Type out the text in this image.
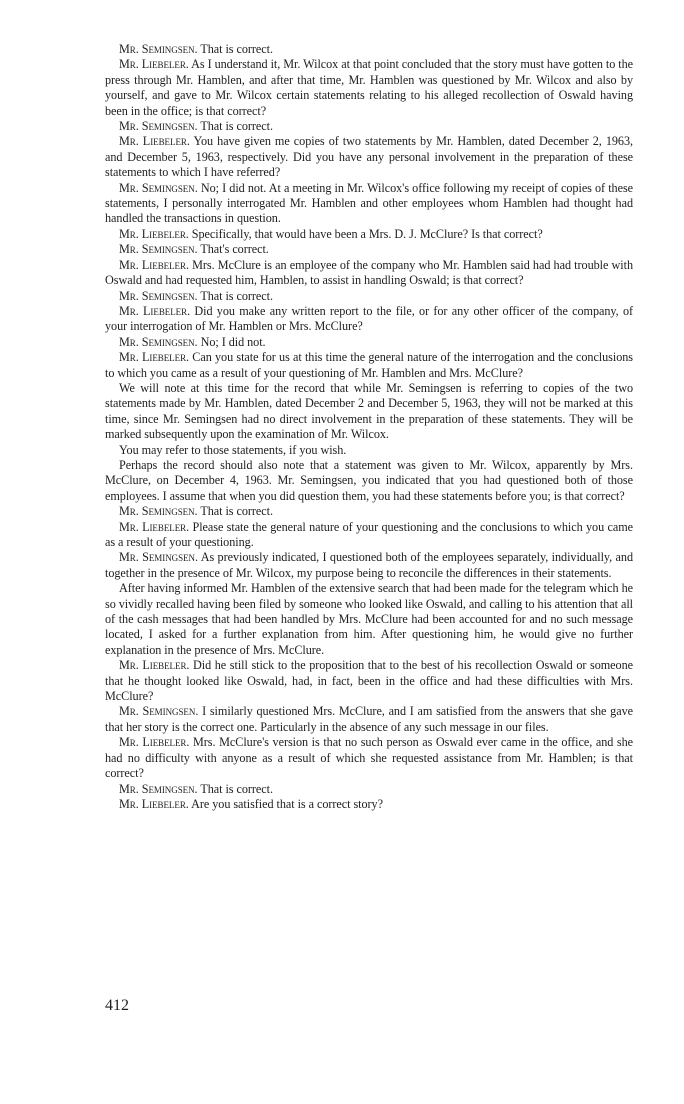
Mr. Semingsen. That is correct.

Mr. Liebeler. As I understand it, Mr. Wilcox at that point concluded that the story must have gotten to the press through Mr. Hamblen, and after that time, Mr. Hamblen was questioned by Mr. Wilcox and also by yourself, and gave to Mr. Wilcox certain statements relating to his alleged recollection of Oswald having been in the office; is that correct?

Mr. Semingsen. That is correct.

Mr. Liebeler. You have given me copies of two statements by Mr. Hamblen, dated December 2, 1963, and December 5, 1963, respectively. Did you have any personal involvement in the preparation of these statements to which I have referred?

Mr. Semingsen. No; I did not. At a meeting in Mr. Wilcox's office following my receipt of copies of these statements, I personally interrogated Mr. Hamblen and other employees whom Hamblen had thought had handled the transactions in question.

Mr. Liebeler. Specifically, that would have been a Mrs. D. J. McClure? Is that correct?

Mr. Semingsen. That's correct.

Mr. Liebeler. Mrs. McClure is an employee of the company who Mr. Hamblen said had had trouble with Oswald and had requested him, Hamblen, to assist in handling Oswald; is that correct?

Mr. Semingsen. That is correct.

Mr. Liebeler. Did you make any written report to the file, or for any other officer of the company, of your interrogation of Mr. Hamblen or Mrs. McClure?

Mr. Semingsen. No; I did not.

Mr. Liebeler. Can you state for us at this time the general nature of the interrogation and the conclusions to which you came as a result of your questioning of Mr. Hamblen and Mrs. McClure?

We will note at this time for the record that while Mr. Semingsen is referring to copies of the two statements made by Mr. Hamblen, dated December 2 and December 5, 1963, they will not be marked at this time, since Mr. Semingsen had no direct involvement in the preparation of these statements. They will be marked subsequently upon the examination of Mr. Wilcox.

You may refer to those statements, if you wish.

Perhaps the record should also note that a statement was given to Mr. Wilcox, apparently by Mrs. McClure, on December 4, 1963. Mr. Semingsen, you indicated that you had questioned both of those employees. I assume that when you did question them, you had these statements before you; is that correct?

Mr. Semingsen. That is correct.

Mr. Liebeler. Please state the general nature of your questioning and the conclusions to which you came as a result of your questioning.

Mr. Semingsen. As previously indicated, I questioned both of the employees separately, individually, and together in the presence of Mr. Wilcox, my purpose being to reconcile the differences in their statements.

After having informed Mr. Hamblen of the extensive search that had been made for the telegram which he so vividly recalled having been filed by someone who looked like Oswald, and calling to his attention that all of the cash messages that had been handled by Mrs. McClure had been accounted for and no such message located, I asked for a further explanation from him. After questioning him, he would give no further explanation in the presence of Mrs. McClure.

Mr. Liebeler. Did he still stick to the proposition that to the best of his recollection Oswald or someone that he thought looked like Oswald, had, in fact, been in the office and had these difficulties with Mrs. McClure?

Mr. Semingsen. I similarly questioned Mrs. McClure, and I am satisfied from the answers that she gave that her story is the correct one. Particularly in the absence of any such message in our files.

Mr. Liebeler. Mrs. McClure's version is that no such person as Oswald ever came in the office, and she had no difficulty with anyone as a result of which she requested assistance from Mr. Hamblen; is that correct?

Mr. Semingsen. That is correct.

Mr. Liebeler. Are you satisfied that is a correct story?

412
